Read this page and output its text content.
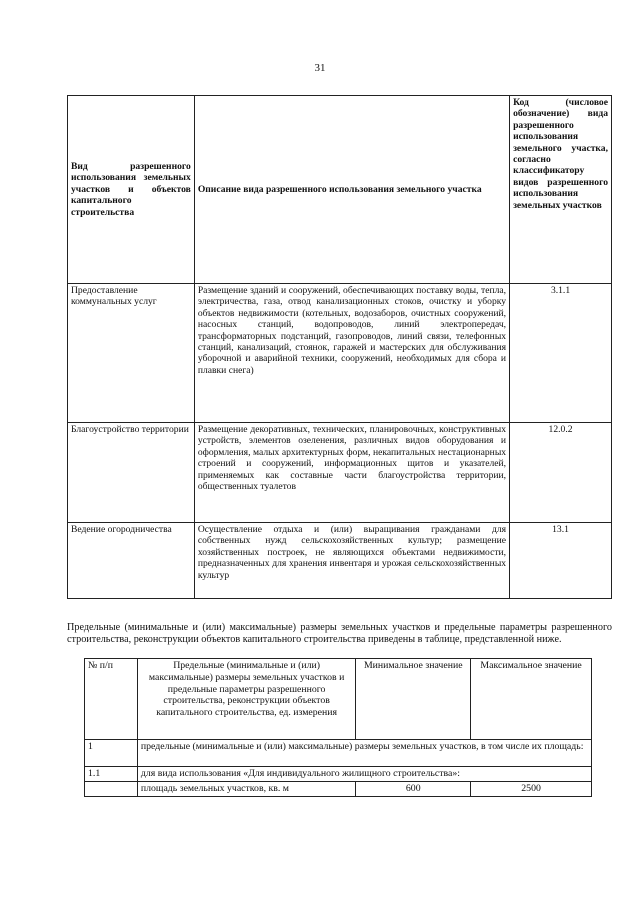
31
Вид разрешенного использования земельных участков и объектов капитального строительства	Описание вида разрешенного использования земельного участка	Код (числовое обозначение) вида разрешенного использования земельного участка, согласно классификатору видов разрешенного использования земельных участков
Предоставление коммунальных услуг	Размещение зданий и сооружений, обеспечивающих поставку воды, тепла, электричества, газа, отвод канализационных стоков, очистку и уборку объектов недвижимости (котельных, водозаборов, очистных сооружений, насосных станций, водопроводов, линий электропередач, трансформаторных подстанций, газопроводов, линий связи, телефонных станций, канализаций, стоянок, гаражей и мастерских для обслуживания уборочной и аварийной техники, сооружений, необходимых для сбора и плавки снега)	3.1.1
Благоустройство территории	Размещение декоративных, технических, планировочных, конструктивных устройств, элементов озеленения, различных видов оборудования и оформления, малых архитектурных форм, некапитальных нестационарных строений и сооружений, информационных щитов и указателей, применяемых как составные части благоустройства территории, общественных туалетов	12.0.2
Ведение огородничества	Осуществление отдыха и (или) выращивания гражданами для собственных нужд сельскохозяйственных культур; размещение хозяйственных построек, не являющихся объектами недвижимости, предназначенных для хранения инвентаря и урожая сельскохозяйственных культур	13.1
Предельные (минимальные и (или) максимальные) размеры земельных участков и предельные параметры разрешенного строительства, реконструкции объектов капитального строительства приведены в таблице, представленной ниже.
№ п/п	Предельные (минимальные и (или) максимальные) размеры земельных участков и предельные параметры разрешенного строительства, реконструкции объектов капитального строительства, ед. измерения	Минимальное значение	Максимальное значение
1	предельные (минимальные и (или) максимальные) размеры земельных участков, в том числе их площадь:		
1.1	для вида использования «Для индивидуального жилищного строительства»:		
	площадь земельных участков, кв. м	600	2500
